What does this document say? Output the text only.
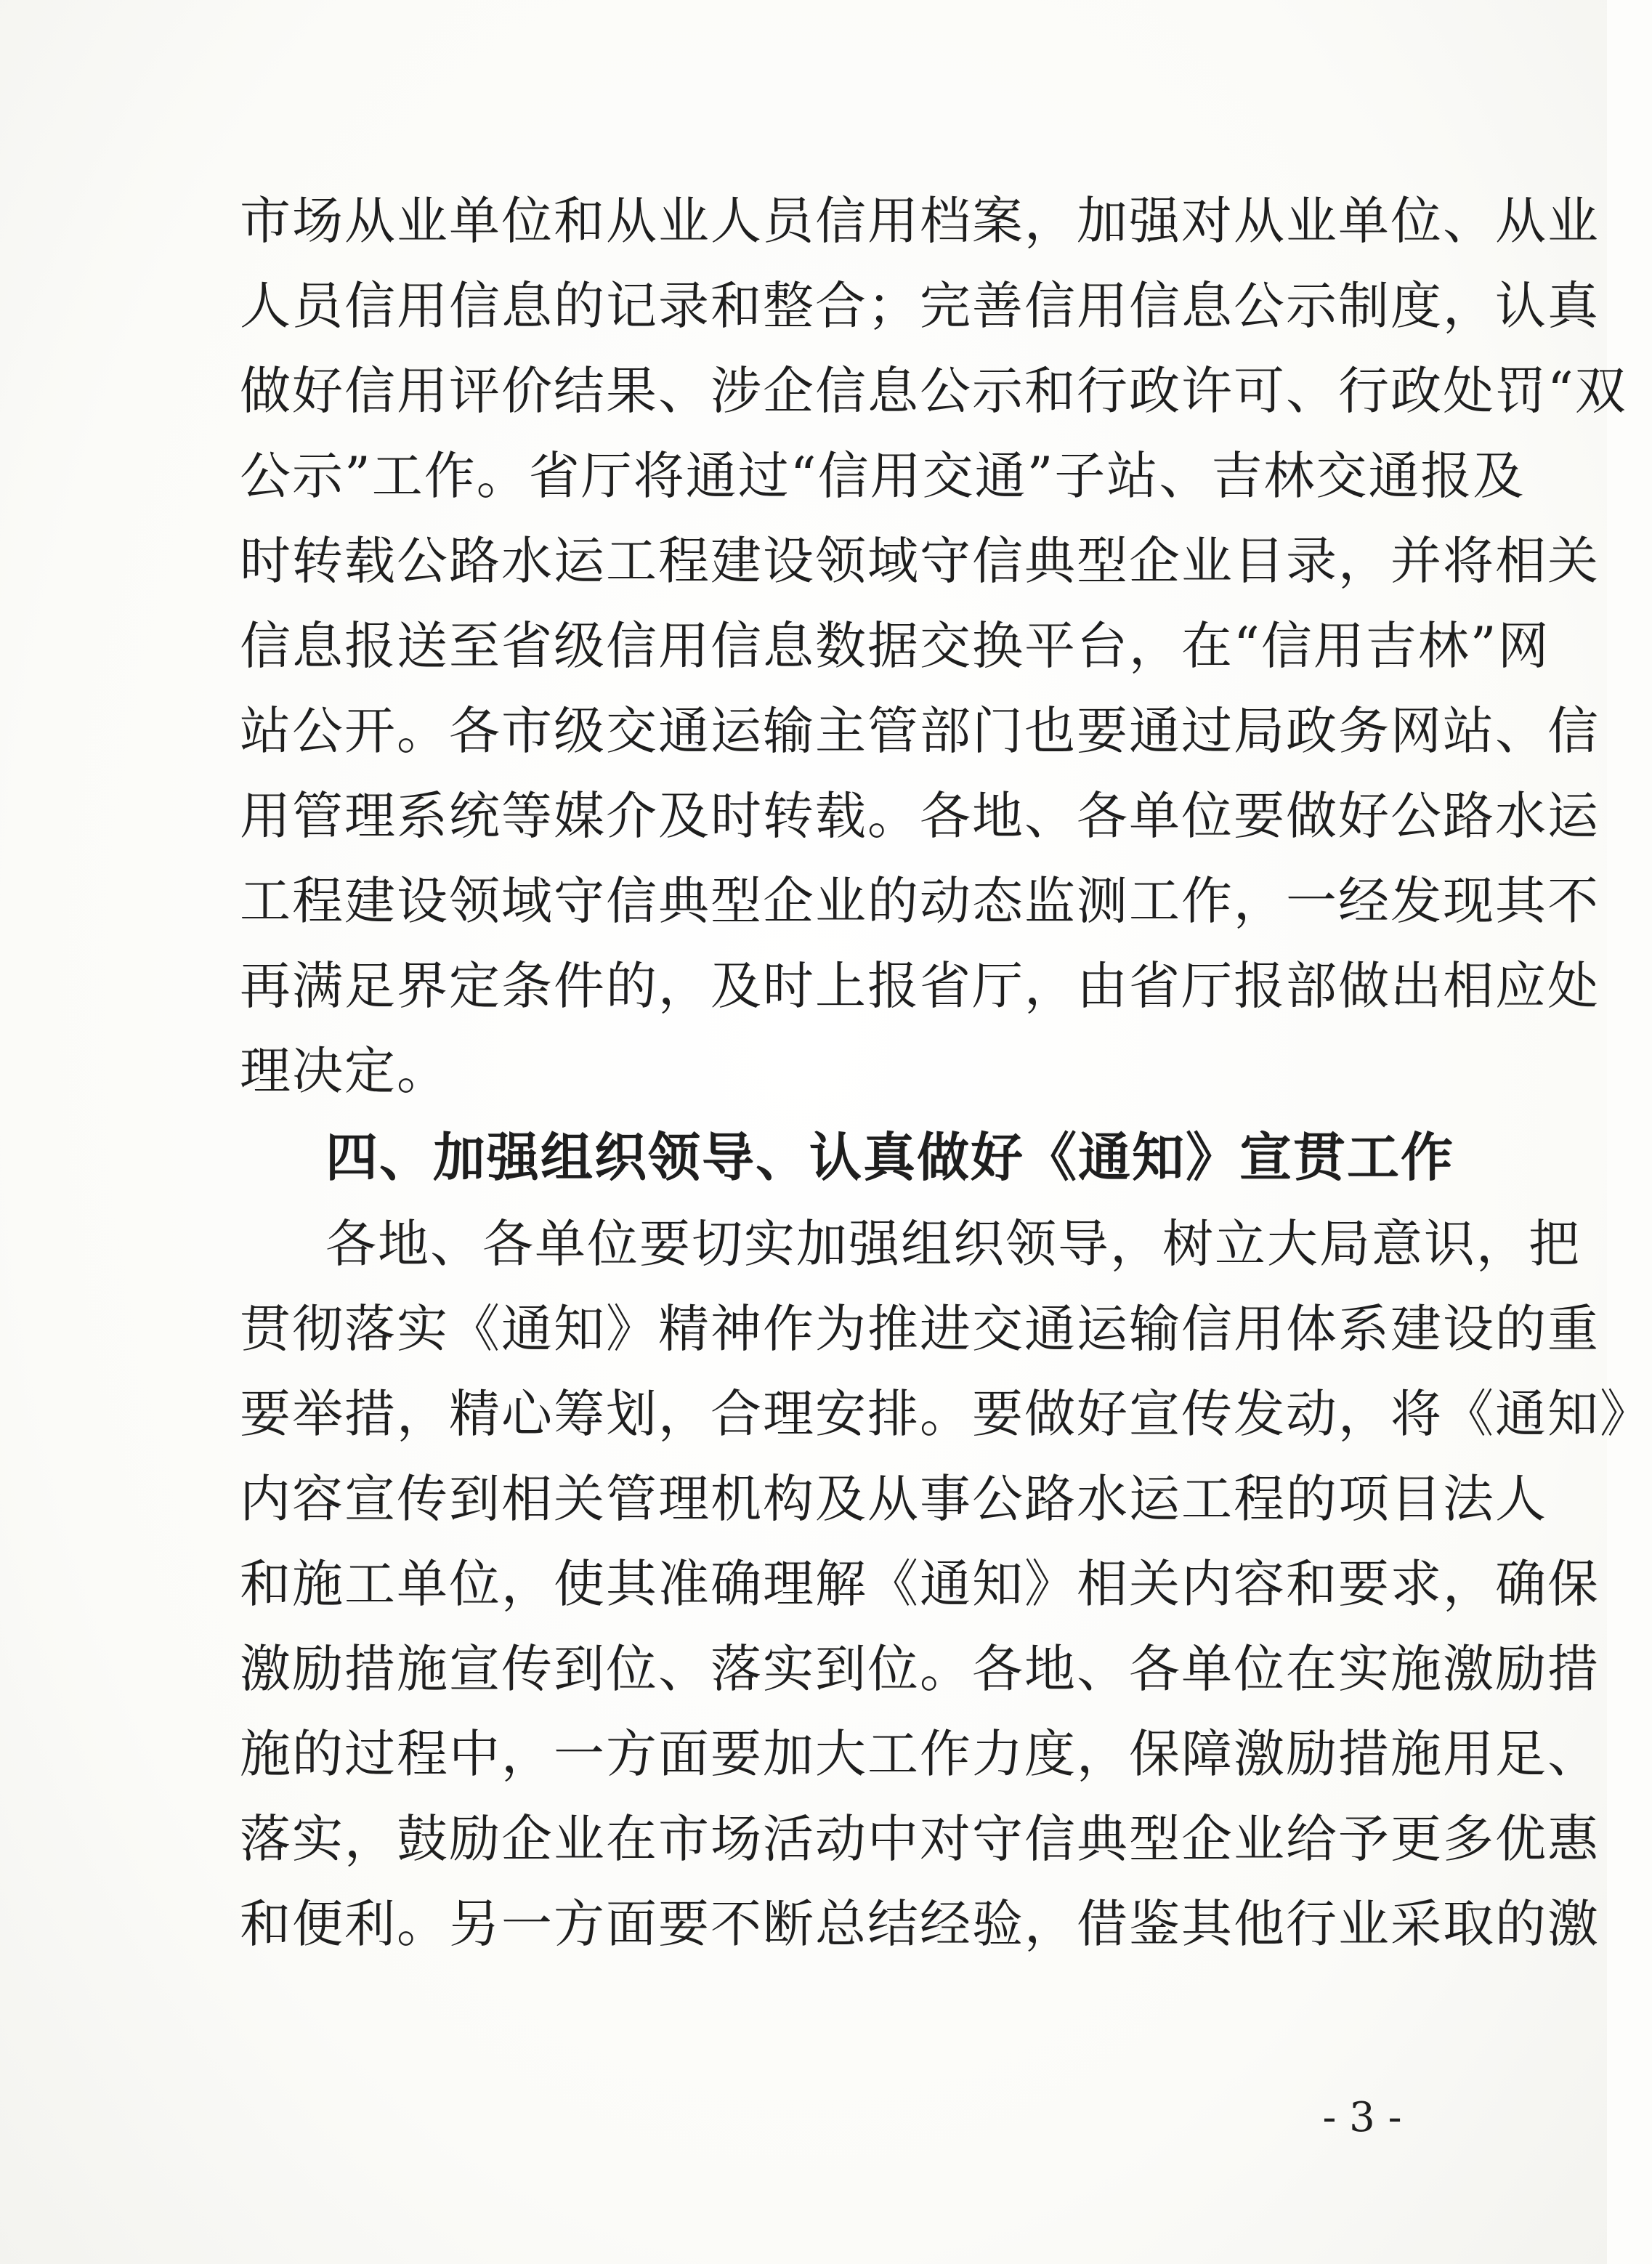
市场从业单位和从业人员信用档案，加强对从业单位、从业
人员信用信息的记录和整合；完善信用信息公示制度，认真
做好信用评价结果、涉企信息公示和行政许可、行政处罚“双
公示”工作。省厅将通过“信用交通”子站、吉林交通报及
时转载公路水运工程建设领域守信典型企业目录，并将相关
信息报送至省级信用信息数据交换平台，在“信用吉林”网
站公开。各市级交通运输主管部门也要通过局政务网站、信
用管理系统等媒介及时转载。各地、各单位要做好公路水运
工程建设领域守信典型企业的动态监测工作，一经发现其不
再满足界定条件的，及时上报省厅，由省厅报部做出相应处
理决定。
四、加强组织领导、认真做好《通知》宣贯工作
各地、各单位要切实加强组织领导，树立大局意识，把
贯彻落实《通知》精神作为推进交通运输信用体系建设的重
要举措，精心筹划，合理安排。要做好宣传发动，将《通知》
内容宣传到相关管理机构及从事公路水运工程的项目法人
和施工单位，使其准确理解《通知》相关内容和要求，确保
激励措施宣传到位、落实到位。各地、各单位在实施激励措
施的过程中，一方面要加大工作力度，保障激励措施用足、
落实，鼓励企业在市场活动中对守信典型企业给予更多优惠
和便利。另一方面要不断总结经验，借鉴其他行业采取的激
- 3 -
